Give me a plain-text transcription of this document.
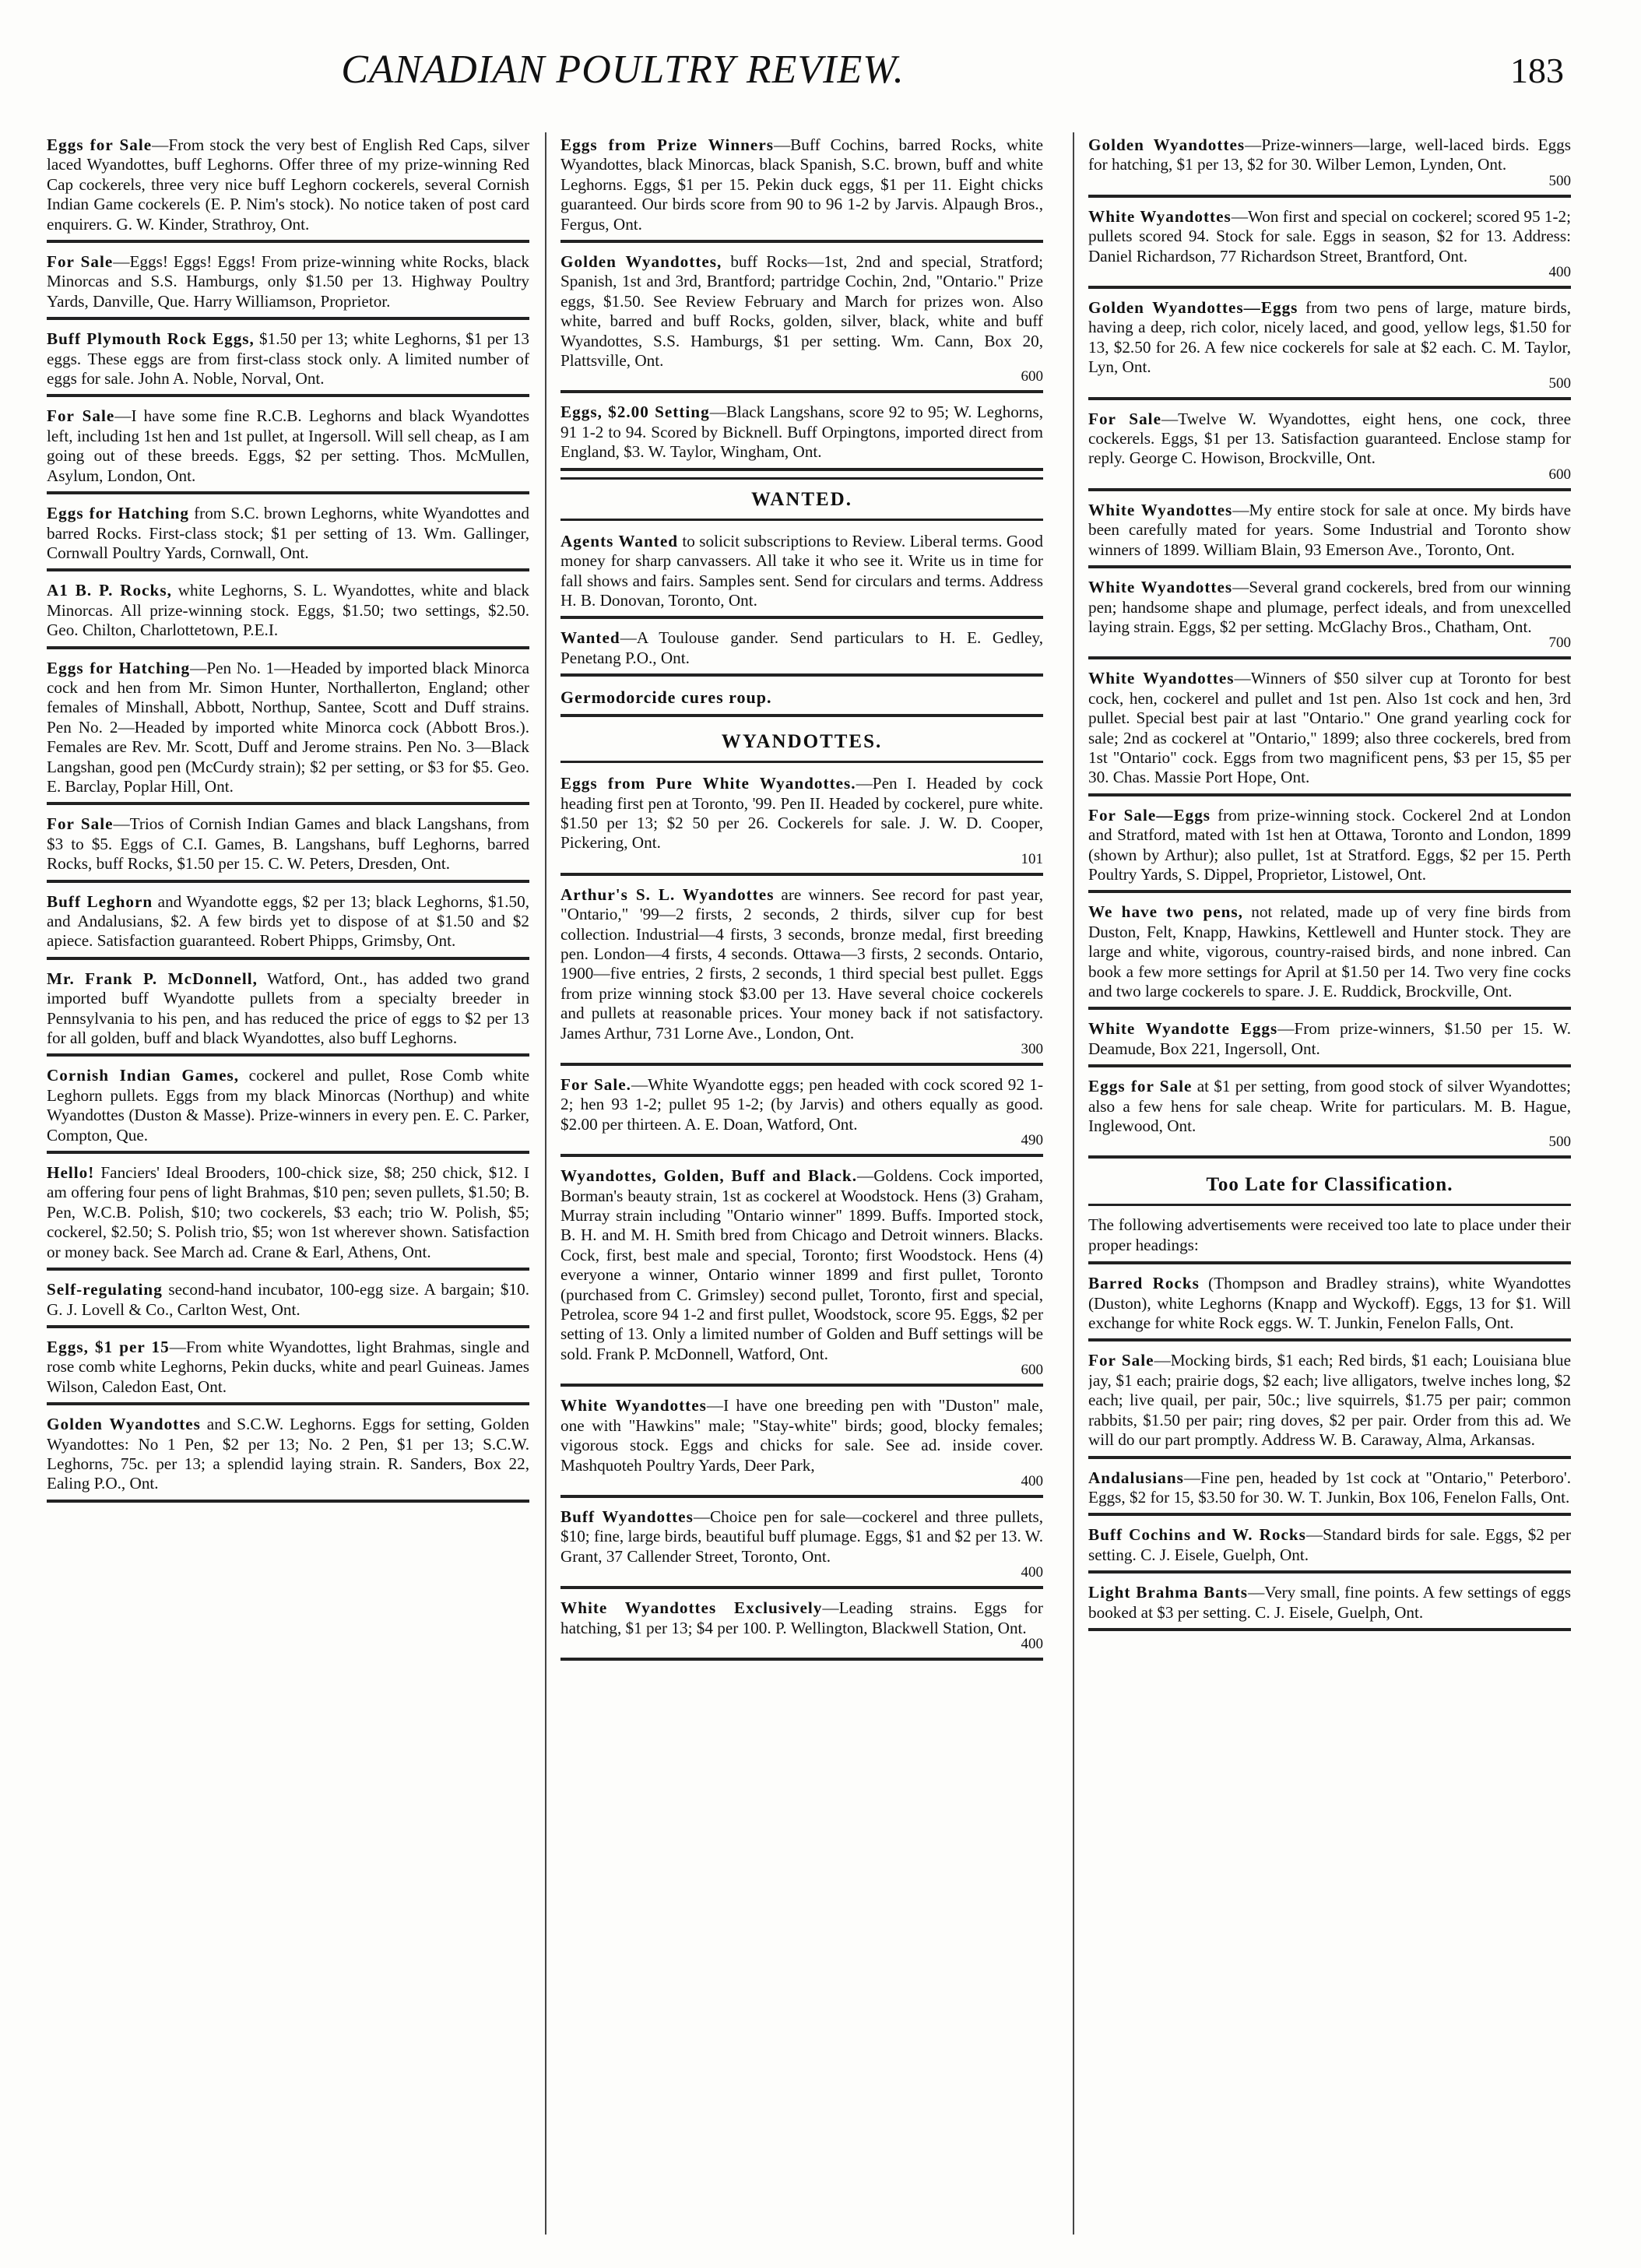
CANADIAN POULTRY REVIEW.	183
Eggs for Sale—From stock the very best of English Red Caps, silver laced Wyandottes, buff Leghorns. Offer three of my prize-winning Red Cap cockerels, three very nice buff Leghorn cockerels, several Cornish Indian Game cockerels (E. P. Nim's stock). No notice taken of post card enquirers. G. W. Kinder, Strathroy, Ont.
For Sale—Eggs! Eggs! Eggs! From prize-winning white Rocks, black Minorcas and S.S. Hamburgs, only $1.50 per 13. Highway Poultry Yards, Danville, Que. Harry Williamson, Proprietor.
Buff Plymouth Rock Eggs, $1.50 per 13; white Leghorns, $1 per 13 eggs. These eggs are from first-class stock only. A limited number of eggs for sale. John A. Noble, Norval, Ont.
For Sale—I have some fine R.C.B. Leghorns and black Wyandottes left, including 1st hen and 1st pullet, at Ingersoll. Will sell cheap, as I am going out of these breeds. Eggs, $2 per setting. Thos. McMullen, Asylum, London, Ont.
Eggs for Hatching from S.C. brown Leghorns, white Wyandottes and barred Rocks. First-class stock; $1 per setting of 13. Wm. Gallinger, Cornwall Poultry Yards, Cornwall, Ont.
A1 B. P. Rocks, white Leghorns, S. L. Wyandottes, white and black Minorcas. All prize-winning stock. Eggs, $1.50; two settings, $2.50. Geo. Chilton, Charlottetown, P.E.I.
Eggs for Hatching—Pen No. 1—Headed by imported black Minorca cock and hen from Mr. Simon Hunter, Northallerton, England; other females of Minshall, Abbott, Northup, Santee, Scott and Duff strains. Pen No. 2—Headed by imported white Minorca cock (Abbott Bros.). Females are Rev. Mr. Scott, Duff and Jerome strains. Pen No. 3—Black Langshan, good pen (McCurdy strain); $2 per setting, or $3 for $5. Geo. E. Barclay, Poplar Hill, Ont.
For Sale—Trios of Cornish Indian Games and black Langshans, from $3 to $5. Eggs of C.I. Games, B. Langshans, buff Leghorns, barred Rocks, buff Rocks, $1.50 per 15. C. W. Peters, Dresden, Ont.
Buff Leghorn and Wyandotte eggs, $2 per 13; black Leghorns, $1.50, and Andalusians, $2. A few birds yet to dispose of at $1.50 and $2 apiece. Satisfaction guaranteed. Robert Phipps, Grimsby, Ont.
Mr. Frank P. McDonnell, Watford, Ont., has added two grand imported buff Wyandotte pullets from a specialty breeder in Pennsylvania to his pen, and has reduced the price of eggs to $2 per 13 for all golden, buff and black Wyandottes, also buff Leghorns.
Cornish Indian Games, cockerel and pullet, Rose Comb white Leghorn pullets. Eggs from my black Minorcas (Northup) and white Wyandottes (Duston & Masse). Prize-winners in every pen. E. C. Parker, Compton, Que.
Hello! Fanciers' Ideal Brooders, 100-chick size, $8; 250 chick, $12. I am offering four pens of light Brahmas, $10 pen; seven pullets, $1.50; B. Pen, W.C.B. Polish, $10; two cockerels, $3 each; trio W. Polish, $5; cockerel, $2.50; S. Polish trio, $5; won 1st wherever shown. Satisfaction or money back. See March ad. Crane & Earl, Athens, Ont.
Self-regulating second-hand incubator, 100-egg size. A bargain; $10. G. J. Lovell & Co., Carlton West, Ont.
Eggs, $1 per 15—From white Wyandottes, light Brahmas, single and rose comb white Leghorns, Pekin ducks, white and pearl Guineas. James Wilson, Caledon East, Ont.
Golden Wyandottes and S.C.W. Leghorns. Eggs for setting, Golden Wyandottes: No 1 Pen, $2 per 13; No. 2 Pen, $1 per 13; S.C.W. Leghorns, 75c. per 13; a splendid laying strain. R. Sanders, Box 22, Ealing P.O., Ont.
Eggs from Prize Winners—Buff Cochins, barred Rocks, white Wyandottes, black Minorcas, black Spanish, S.C. brown, buff and white Leghorns. Eggs, $1 per 15. Pekin duck eggs, $1 per 11. Eight chicks guaranteed. Our birds score from 90 to 96 1-2 by Jarvis. Alpaugh Bros., Fergus, Ont.
Golden Wyandottes, buff Rocks—1st, 2nd and special, Stratford; Spanish, 1st and 3rd, Brantford; partridge Cochin, 2nd, "Ontario." Prize eggs, $1.50. See Review February and March for prizes won. Also white, barred and buff Rocks, golden, silver, black, white and buff Wyandottes, S.S. Hamburgs, $1 per setting. Wm. Cann, Box 20, Plattsville, Ont.
600
Eggs, $2.00 Setting—Black Langshans, score 92 to 95; W. Leghorns, 91 1-2 to 94. Scored by Bicknell. Buff Orpingtons, imported direct from England, $3. W. Taylor, Wingham, Ont.
WANTED.
Agents Wanted to solicit subscriptions to Review. Liberal terms. Good money for sharp canvassers. All take it who see it. Write us in time for fall shows and fairs. Samples sent. Send for circulars and terms. Address H. B. Donovan, Toronto, Ont.
Wanted—A Toulouse gander. Send particulars to H. E. Gedley, Penetang P.O., Ont.
Germodorcide cures roup.
WYANDOTTES.
Eggs from Pure White Wyandottes.—Pen I. Headed by cock heading first pen at Toronto, '99. Pen II. Headed by cockerel, pure white. $1.50 per 13; $2 50 per 26. Cockerels for sale. J. W. D. Cooper, Pickering, Ont.
101
Arthur's S. L. Wyandottes are winners. See record for past year, "Ontario," '99—2 firsts, 2 seconds, 2 thirds, silver cup for best collection. Industrial—4 firsts, 3 seconds, bronze medal, first breeding pen. London—4 firsts, 4 seconds. Ottawa—3 firsts, 2 seconds. Ontario, 1900—five entries, 2 firsts, 2 seconds, 1 third special best pullet. Eggs from prize winning stock $3.00 per 13. Have several choice cockerels and pullets at reasonable prices. Your money back if not satisfactory. James Arthur, 731 Lorne Ave., London, Ont.
300
For Sale.—White Wyandotte eggs; pen headed with cock scored 92 1-2; hen 93 1-2; pullet 95 1-2; (by Jarvis) and others equally as good. $2.00 per thirteen. A. E. Doan, Watford, Ont.
490
Wyandottes, Golden, Buff and Black.—Goldens. Cock imported, Borman's beauty strain, 1st as cockerel at Woodstock. Hens (3) Graham, Murray strain including "Ontario winner" 1899. Buffs. Imported stock, B. H. and M. H. Smith bred from Chicago and Detroit winners. Blacks. Cock, first, best male and special, Toronto; first Woodstock. Hens (4) everyone a winner, Ontario winner 1899 and first pullet, Toronto (purchased from C. Grimsley) second pullet, Toronto, first and special, Petrolea, score 94 1-2 and first pullet, Woodstock, score 95. Eggs, $2 per setting of 13. Only a limited number of Golden and Buff settings will be sold. Frank P. McDonnell, Watford, Ont.
600
White Wyandottes—I have one breeding pen with "Duston" male, one with "Hawkins" male; "Stay-white" birds; good, blocky females; vigorous stock. Eggs and chicks for sale. See ad. inside cover. Mashquoteh Poultry Yards, Deer Park,
400
Buff Wyandottes—Choice pen for sale—cockerel and three pullets, $10; fine, large birds, beautiful buff plumage. Eggs, $1 and $2 per 13. W. Grant, 37 Callender Street, Toronto, Ont.
400
White Wyandottes Exclusively—Leading strains. Eggs for hatching, $1 per 13; $4 per 100. P. Wellington, Blackwell Station, Ont.
400
Golden Wyandottes—Prize-winners—large, well-laced birds. Eggs for hatching, $1 per 13, $2 for 30. Wilber Lemon, Lynden, Ont.
500
White Wyandottes—Won first and special on cockerel; scored 95 1-2; pullets scored 94. Stock for sale. Eggs in season, $2 for 13. Address: Daniel Richardson, 77 Richardson Street, Brantford, Ont.
400
Golden Wyandottes—Eggs from two pens of large, mature birds, having a deep, rich color, nicely laced, and good, yellow legs, $1.50 for 13, $2.50 for 26. A few nice cockerels for sale at $2 each. C. M. Taylor, Lyn, Ont.
500
For Sale—Twelve W. Wyandottes, eight hens, one cock, three cockerels. Eggs, $1 per 13. Satisfaction guaranteed. Enclose stamp for reply. George C. Howison, Brockville, Ont.
600
White Wyandottes—My entire stock for sale at once. My birds have been carefully mated for years. Some Industrial and Toronto show winners of 1899. William Blain, 93 Emerson Ave., Toronto, Ont.
White Wyandottes—Several grand cockerels, bred from our winning pen; handsome shape and plumage, perfect ideals, and from unexcelled laying strain. Eggs, $2 per setting. McGlachy Bros., Chatham, Ont.
700
White Wyandottes—Winners of $50 silver cup at Toronto for best cock, hen, cockerel and pullet and 1st pen. Also 1st cock and hen, 3rd pullet. Special best pair at last "Ontario." One grand yearling cock for sale; 2nd as cockerel at "Ontario," 1899; also three cockerels, bred from 1st "Ontario" cock. Eggs from two magnificent pens, $3 per 15, $5 per 30. Chas. Massie Port Hope, Ont.
For Sale—Eggs from prize-winning stock. Cockerel 2nd at London and Stratford, mated with 1st hen at Ottawa, Toronto and London, 1899 (shown by Arthur); also pullet, 1st at Stratford. Eggs, $2 per 15. Perth Poultry Yards, S. Dippel, Proprietor, Listowel, Ont.
We have two pens, not related, made up of very fine birds from Duston, Felt, Knapp, Hawkins, Kettlewell and Hunter stock. They are large and white, vigorous, country-raised birds, and none inbred. Can book a few more settings for April at $1.50 per 14. Two very fine cocks and two large cockerels to spare. J. E. Ruddick, Brockville, Ont.
White Wyandotte Eggs—From prize-winners, $1.50 per 15. W. Deamude, Box 221, Ingersoll, Ont.
Eggs for Sale at $1 per setting, from good stock of silver Wyandottes; also a few hens for sale cheap. Write for particulars. M. B. Hague, Inglewood, Ont.
500
Too Late for Classification.
The following advertisements were received too late to place under their proper headings:
Barred Rocks (Thompson and Bradley strains), white Wyandottes (Duston), white Leghorns (Knapp and Wyckoff). Eggs, 13 for $1. Will exchange for white Rock eggs. W. T. Junkin, Fenelon Falls, Ont.
For Sale—Mocking birds, $1 each; Red birds, $1 each; Louisiana blue jay, $1 each; prairie dogs, $2 each; live alligators, twelve inches long, $2 each; live quail, per pair, 50c.; live squirrels, $1.75 per pair; common rabbits, $1.50 per pair; ring doves, $2 per pair. Order from this ad. We will do our part promptly. Address W. B. Caraway, Alma, Arkansas.
Andalusians—Fine pen, headed by 1st cock at "Ontario," Peterboro'. Eggs, $2 for 15, $3.50 for 30. W. T. Junkin, Box 106, Fenelon Falls, Ont.
Buff Cochins and W. Rocks—Standard birds for sale. Eggs, $2 per setting. C. J. Eisele, Guelph, Ont.
Light Brahma Bants—Very small, fine points. A few settings of eggs booked at $3 per setting. C. J. Eisele, Guelph, Ont.
